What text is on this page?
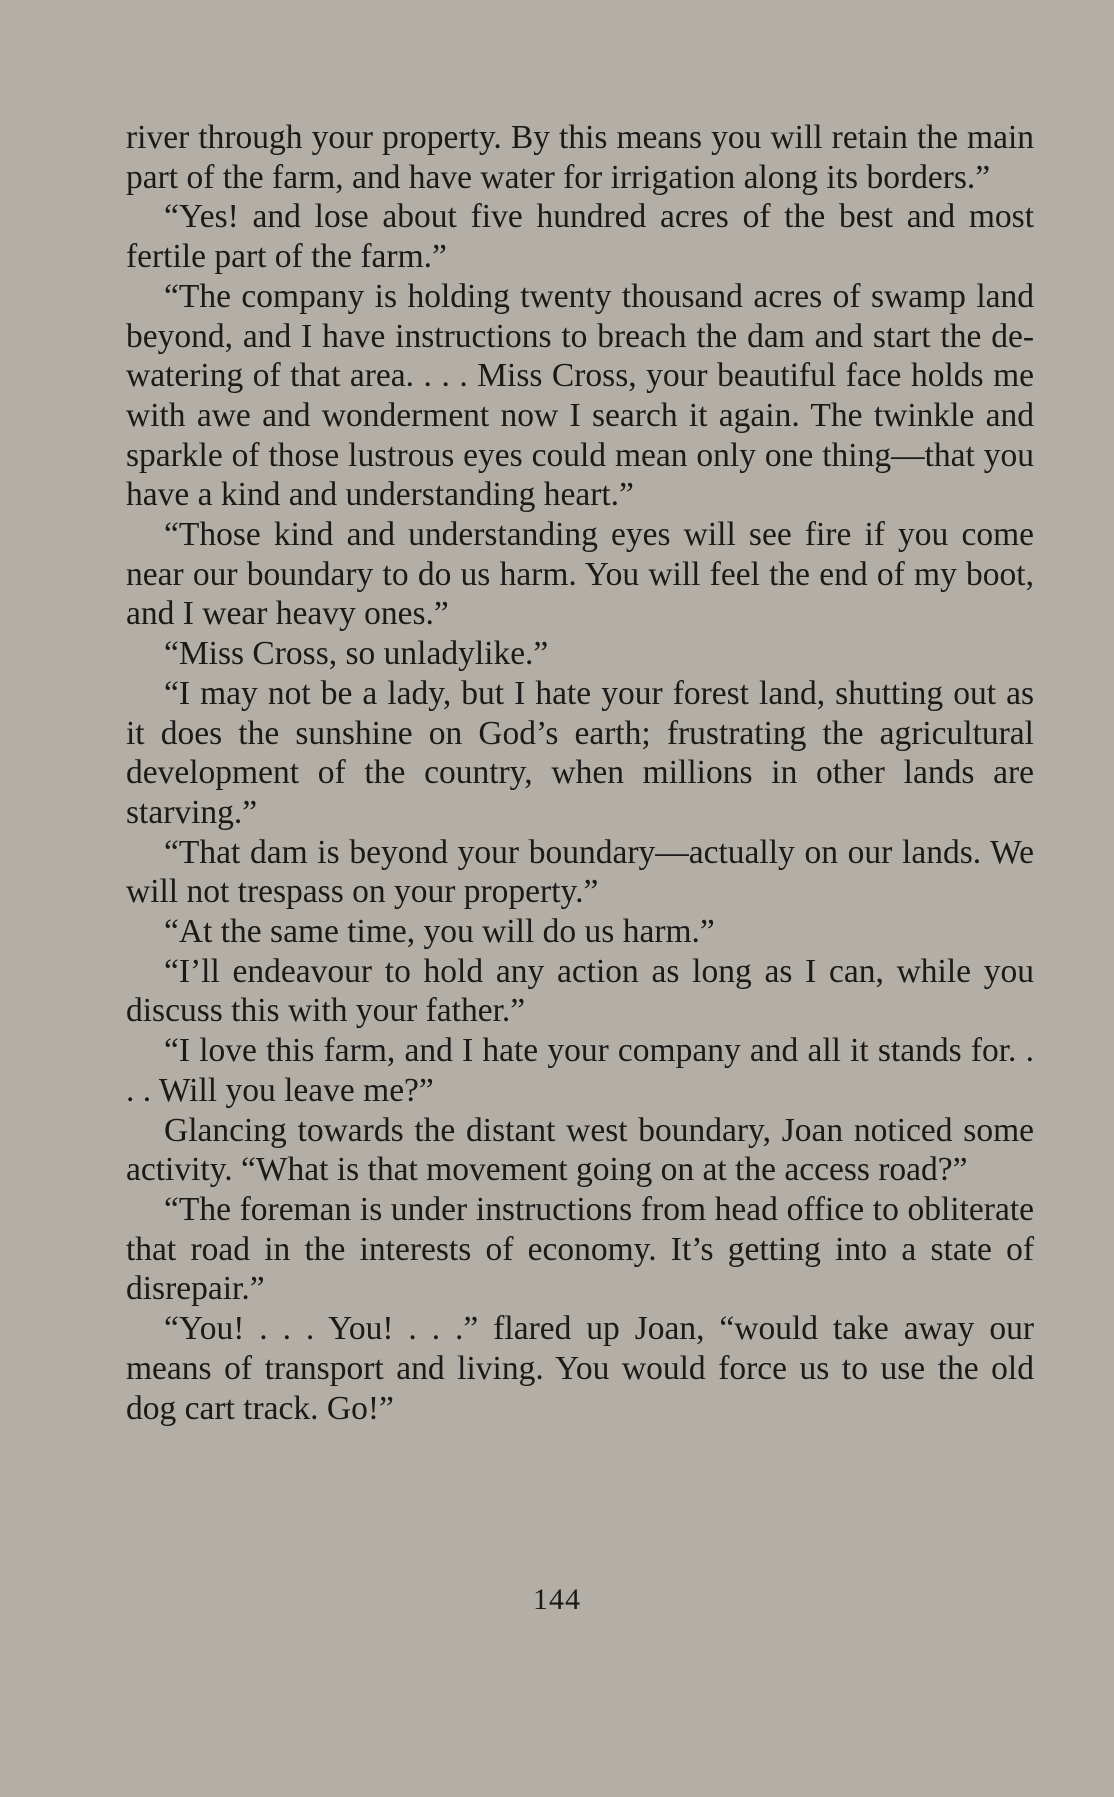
river through your property. By this means you will retain the main part of the farm, and have water for irrigation along its borders.”

“Yes! and lose about five hundred acres of the best and most fertile part of the farm.”

“The company is holding twenty thousand acres of swamp land beyond, and I have instructions to breach the dam and start the de-watering of that area. . . . Miss Cross, your beautiful face holds me with awe and wonderment now I search it again. The twinkle and sparkle of those lustrous eyes could mean only one thing—that you have a kind and understanding heart.”

“Those kind and understanding eyes will see fire if you come near our boundary to do us harm. You will feel the end of my boot, and I wear heavy ones.”

“Miss Cross, so unladylike.”

“I may not be a lady, but I hate your forest land, shutting out as it does the sunshine on God’s earth; frustrating the agricultural development of the country, when millions in other lands are starving.”

“That dam is beyond your boundary—actually on our lands. We will not trespass on your property.”

“At the same time, you will do us harm.”

“I’ll endeavour to hold any action as long as I can, while you discuss this with your father.”

“I love this farm, and I hate your company and all it stands for. . . . Will you leave me?”

Glancing towards the distant west boundary, Joan noticed some activity. “What is that movement going on at the access road?”

“The foreman is under instructions from head office to obliterate that road in the interests of economy. It’s getting into a state of disrepair.”

“You! . . . You! . . .” flared up Joan, “would take away our means of transport and living. You would force us to use the old dog cart track. Go!”

144
